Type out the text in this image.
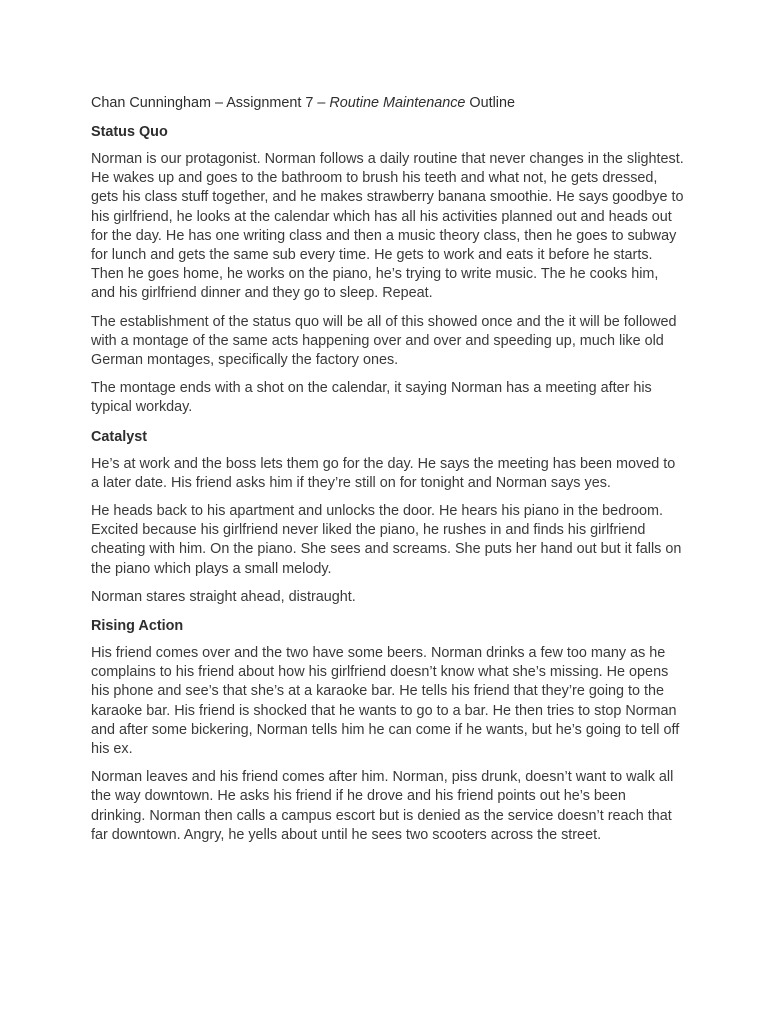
Chan Cunningham – Assignment 7 – Routine Maintenance Outline
Status Quo

Norman is our protagonist. Norman follows a daily routine that never changes in the slightest. He wakes up and goes to the bathroom to brush his teeth and what not, he gets dressed, gets his class stuff together, and he makes strawberry banana smoothie. He says goodbye to his girlfriend, he looks at the calendar which has all his activities planned out and heads out for the day. He has one writing class and then a music theory class, then he goes to subway for lunch and gets the same sub every time. He gets to work and eats it before he starts. Then he goes home, he works on the piano, he’s trying to write music. The he cooks him, and his girlfriend dinner and they go to sleep. Repeat.

The establishment of the status quo will be all of this showed once and the it will be followed with a montage of the same acts happening over and over and speeding up, much like old German montages, specifically the factory ones.

The montage ends with a shot on the calendar, it saying Norman has a meeting after his typical workday.

Catalyst

He’s at work and the boss lets them go for the day. He says the meeting has been moved to a later date. His friend asks him if they’re still on for tonight and Norman says yes.

He heads back to his apartment and unlocks the door. He hears his piano in the bedroom. Excited because his girlfriend never liked the piano, he rushes in and finds his girlfriend cheating with him. On the piano. She sees and screams. She puts her hand out but it falls on the piano which plays a small melody.

Norman stares straight ahead, distraught.

Rising Action

His friend comes over and the two have some beers. Norman drinks a few too many as he complains to his friend about how his girlfriend doesn’t know what she’s missing. He opens his phone and see’s that she’s at a karaoke bar. He tells his friend that they’re going to the karaoke bar. His friend is shocked that he wants to go to a bar. He then tries to stop Norman and after some bickering, Norman tells him he can come if he wants, but he’s going to tell off his ex.

Norman leaves and his friend comes after him. Norman, piss drunk, doesn’t want to walk all the way downtown. He asks his friend if he drove and his friend points out he’s been drinking. Norman then calls a campus escort but is denied as the service doesn’t reach that far downtown. Angry, he yells about until he sees two scooters across the street.
